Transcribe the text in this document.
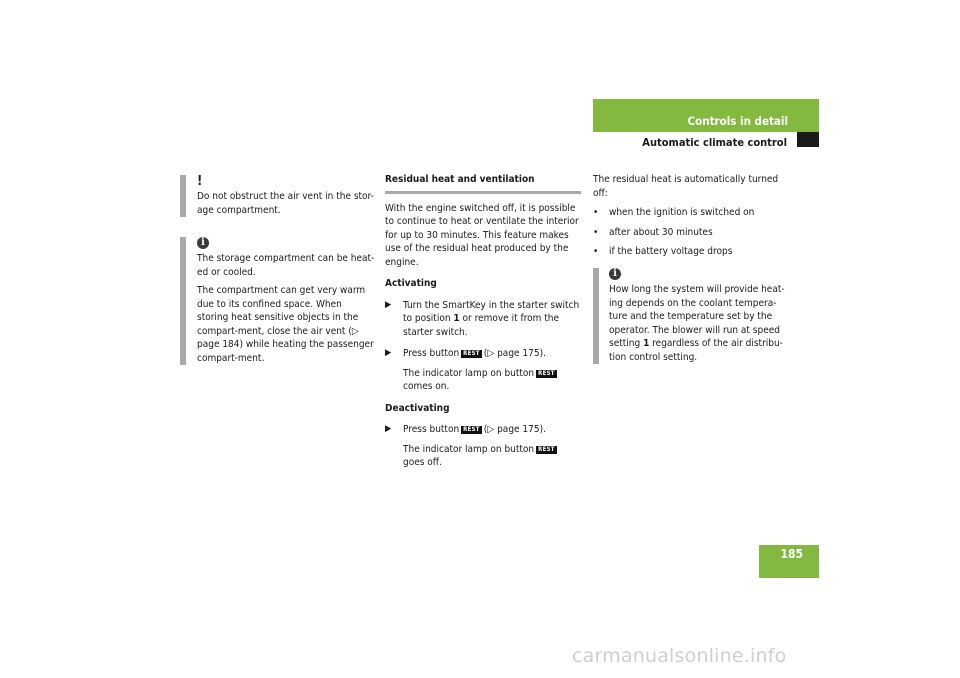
Controls in detail
Automatic climate control
!

Do not obstruct the air vent in the stor-age compartment.

i

The storage compartment can be heat-ed or cooled.

The compartment can get very warm due to its confined space. When storing heat sensitive objects in the compart-ment, close the air vent (▷ page 184) while heating the passenger compart-ment.

Residual heat and ventilation

With the engine switched off, it is possible to continue to heat or ventilate the interior for up to 30 minutes. This feature makes use of the residual heat produced by the engine.

Activating

▶ Turn the SmartKey in the starter switch to position 1 or remove it from the starter switch.

▶ Press button REST (▷ page 175).

The indicator lamp on button REST
comes on.

Deactivating

▶ Press button REST (▷ page 175).

The indicator lamp on button REST
goes off.

The residual heat is automatically turned off:

• when the ignition is switched on
• after about 30 minutes
• if the battery voltage drops
i

How long the system will provide heat-ing depends on the coolant tempera-ture and the temperature set by the operator. The blower will run at speed setting 1 regardless of the air distribu-tion control setting.

185
carmanualsonline.info
